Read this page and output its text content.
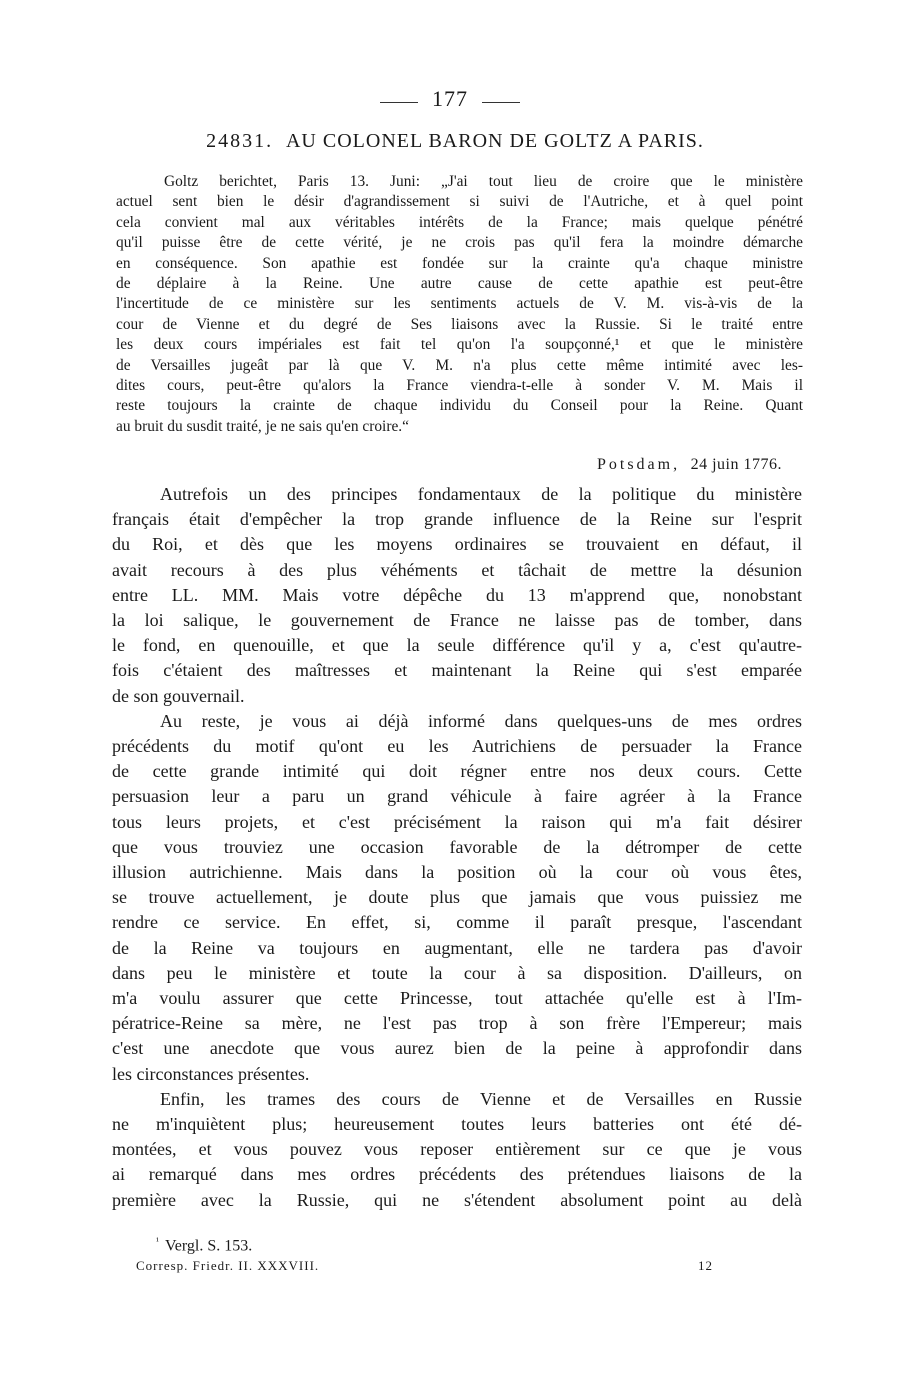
177
24831. AU COLONEL BARON DE GOLTZ A PARIS.
Goltz berichtet, Paris 13. Juni: „J'ai tout lieu de croire que le ministère
actuel sent bien le désir d'agrandissement si suivi de l'Autriche, et à quel point
cela convient mal aux véritables intérêts de la France; mais quelque pénétré
qu'il puisse être de cette vérité, je ne crois pas qu'il fera la moindre démarche
en conséquence. Son apathie est fondée sur la crainte qu'a chaque ministre
de déplaire à la Reine. Une autre cause de cette apathie est peut-être
l'incertitude de ce ministère sur les sentiments actuels de V. M. vis-à-vis de la
cour de Vienne et du degré de Ses liaisons avec la Russie. Si le traité entre
les deux cours impériales est fait tel qu'on l'a soupçonné,¹ et que le ministère
de Versailles jugeât par là que V. M. n'a plus cette même intimité avec les-
dites cours, peut-être qu'alors la France viendra-t-elle à sonder V. M. Mais il
reste toujours la crainte de chaque individu du Conseil pour la Reine. Quant
au bruit du susdit traité, je ne sais qu'en croire.“
Potsdam, 24 juin 1776.
Autrefois un des principes fondamentaux de la politique du ministère
français était d'empêcher la trop grande influence de la Reine sur l'esprit
du Roi, et dès que les moyens ordinaires se trouvaient en défaut, il
avait recours à des plus véhéments et tâchait de mettre la désunion
entre LL. MM. Mais votre dépêche du 13 m'apprend que, nonobstant
la loi salique, le gouvernement de France ne laisse pas de tomber, dans
le fond, en quenouille, et que la seule différence qu'il y a, c'est qu'autre-
fois c'étaient des maîtresses et maintenant la Reine qui s'est emparée
de son gouvernail.
Au reste, je vous ai déjà informé dans quelques-uns de mes ordres
précédents du motif qu'ont eu les Autrichiens de persuader la France
de cette grande intimité qui doit régner entre nos deux cours. Cette
persuasion leur a paru un grand véhicule à faire agréer à la France
tous leurs projets, et c'est précisément la raison qui m'a fait désirer
que vous trouviez une occasion favorable de la détromper de cette
illusion autrichienne. Mais dans la position où la cour où vous êtes,
se trouve actuellement, je doute plus que jamais que vous puissiez me
rendre ce service. En effet, si, comme il paraît presque, l'ascendant
de la Reine va toujours en augmentant, elle ne tardera pas d'avoir
dans peu le ministère et toute la cour à sa disposition. D'ailleurs, on
m'a voulu assurer que cette Princesse, tout attachée qu'elle est à l'Im-
pératrice-Reine sa mère, ne l'est pas trop à son frère l'Empereur; mais
c'est une anecdote que vous aurez bien de la peine à approfondir dans
les circonstances présentes.
Enfin, les trames des cours de Vienne et de Versailles en Russie
ne m'inquiètent plus; heureusement toutes leurs batteries ont été dé-
montées, et vous pouvez vous reposer entièrement sur ce que je vous
ai remarqué dans mes ordres précédents des prétendues liaisons de la
première avec la Russie, qui ne s'étendent absolument point au delà
$^{^1}$ Vergl. S. 153.
Corresp. Friedr. II. XXXVIII.	12
